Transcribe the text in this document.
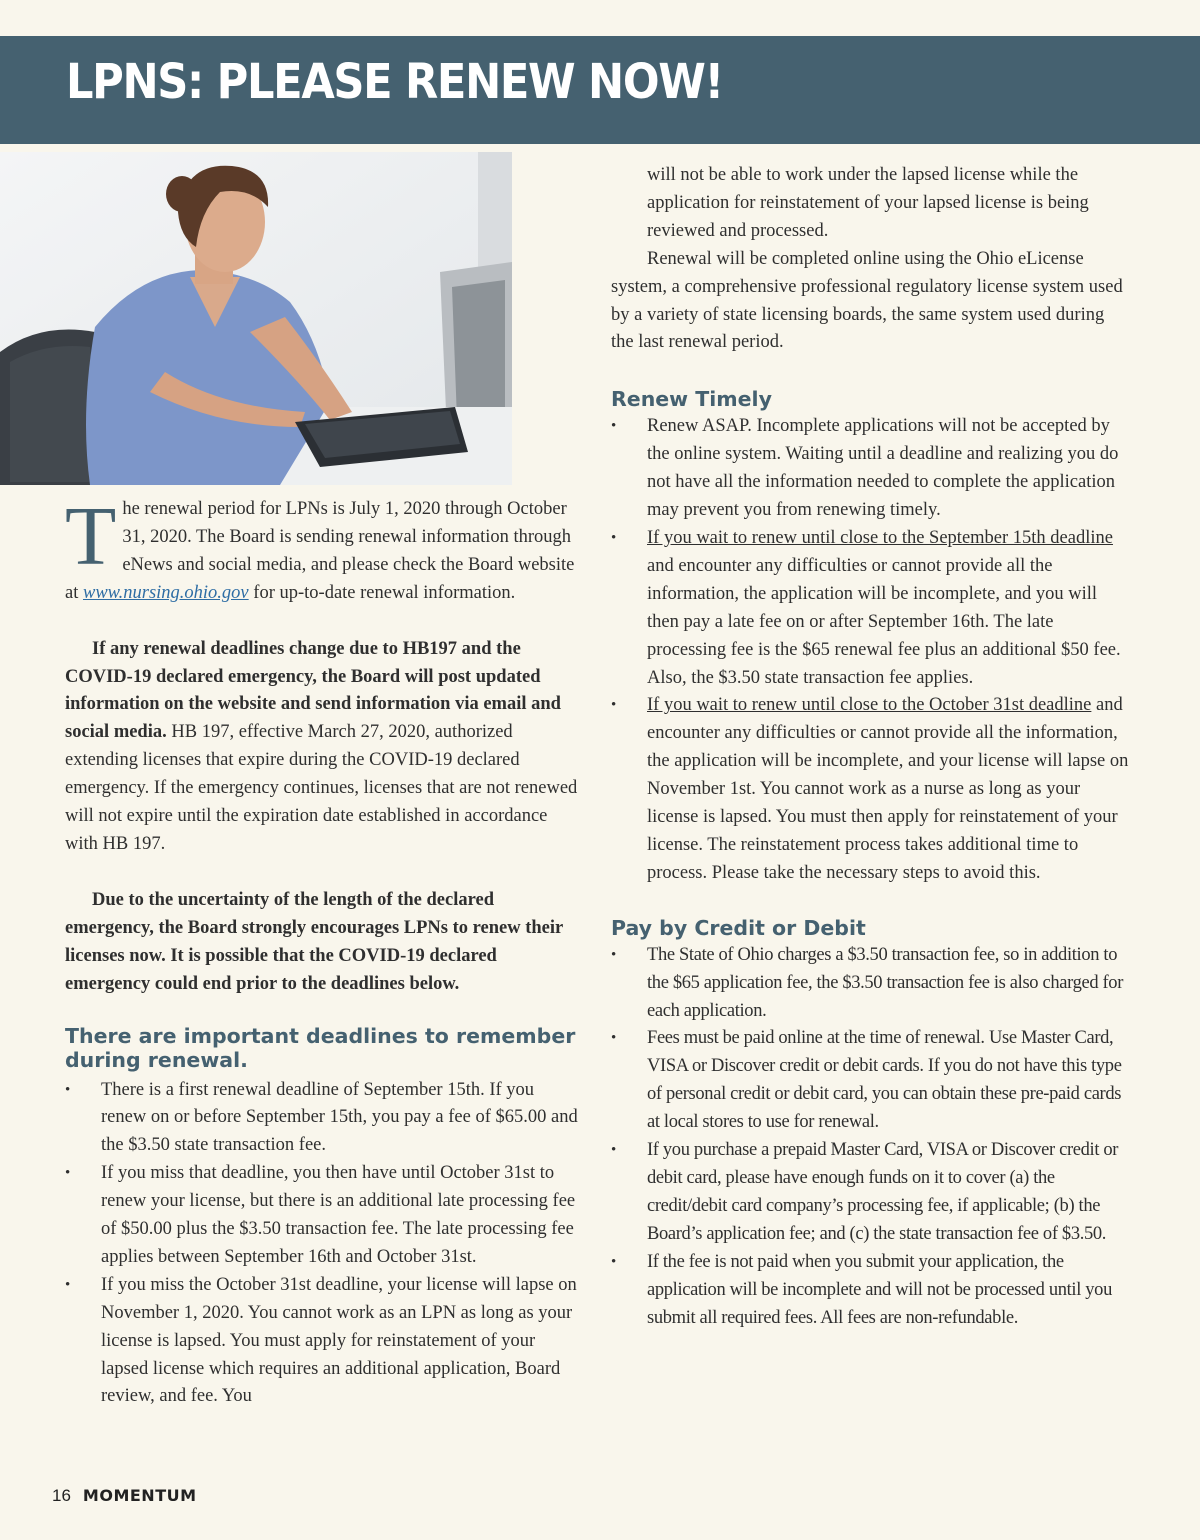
LPNS: PLEASE RENEW NOW!

The renewal period for LPNs is July 1, 2020 through October 31, 2020. The Board is sending renewal information through eNews and social media, and please check the Board website at www.nursing.ohio.gov for up-to-date renewal information.

If any renewal deadlines change due to HB197 and the COVID-19 declared emergency, the Board will post updated information on the website and send information via email and social media. HB 197, effective March 27, 2020, authorized extending licenses that expire during the COVID-19 declared emergency. If the emergency continues, licenses that are not renewed will not expire until the expiration date established in accordance with HB 197.

Due to the uncertainty of the length of the declared emergency, the Board strongly encourages LPNs to renew their licenses now. It is possible that the COVID-19 declared emergency could end prior to the deadlines below.

There are important deadlines to remember during renewal.
• There is a first renewal deadline of September 15th. If you renew on or before September 15th, you pay a fee of $65.00 and the $3.50 state transaction fee.
• If you miss that deadline, you then have until October 31st to renew your license, but there is an additional late processing fee of $50.00 plus the $3.50 transaction fee. The late processing fee applies between September 16th and October 31st.
• If you miss the October 31st deadline, your license will lapse on November 1, 2020. You cannot work as an LPN as long as your license is lapsed. You must apply for reinstatement of your lapsed license which requires an additional application, Board review, and fee. You

will not be able to work under the lapsed license while the application for reinstatement of your lapsed license is being reviewed and processed.

Renewal will be completed online using the Ohio eLicense system, a comprehensive professional regulatory license system used by a variety of state licensing boards, the same system used during the last renewal period.

Renew Timely
• Renew ASAP. Incomplete applications will not be accepted by the online system. Waiting until a deadline and realizing you do not have all the information needed to complete the application may prevent you from renewing timely.
• If you wait to renew until close to the September 15th deadline and encounter any difficulties or cannot provide all the information, the application will be incomplete, and you will then pay a late fee on or after September 16th. The late processing fee is the $65 renewal fee plus an additional $50 fee. Also, the $3.50 state transaction fee applies.
• If you wait to renew until close to the October 31st deadline and encounter any difficulties or cannot provide all the information, the application will be incomplete, and your license will lapse on November 1st. You cannot work as a nurse as long as your license is lapsed. You must then apply for reinstatement of your license. The reinstatement process takes additional time to process. Please take the necessary steps to avoid this.
Pay by Credit or Debit
• The State of Ohio charges a $3.50 transaction fee, so in addition to the $65 application fee, the $3.50 transaction fee is also charged for each application.
• Fees must be paid online at the time of renewal. Use Master Card, VISA or Discover credit or debit cards. If you do not have this type of personal credit or debit card, you can obtain these pre-paid cards at local stores to use for renewal.
• If you purchase a prepaid Master Card, VISA or Discover credit or debit card, please have enough funds on it to cover (a) the credit/debit card company’s processing fee, if applicable; (b) the Board’s application fee; and (c) the state transaction fee of $3.50.
• If the fee is not paid when you submit your application, the application will be incomplete and will not be processed until you submit all required fees. All fees are non-refundable.
16 MOMENTUM
